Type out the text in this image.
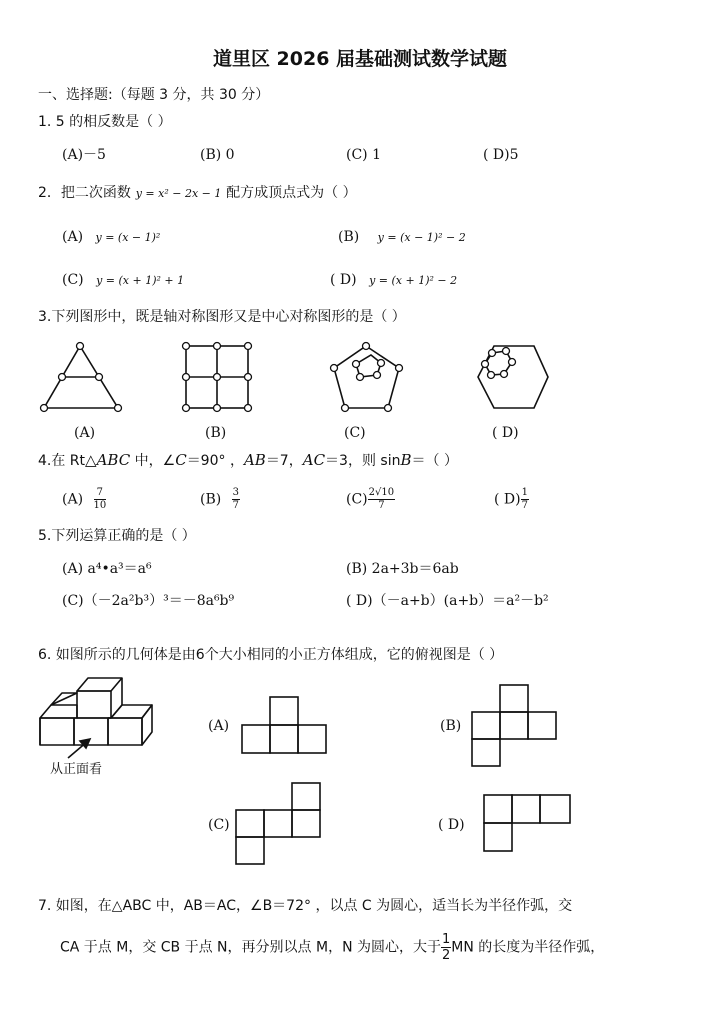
道里区 2026 届基础测试数学试题
一、选择题:（每题 3 分，共 30 分）
1. 5 的相反数是（ ）
(A)－5	(B) 0	(C) 1	( D)5
2．把二次函数 y = x² − 2x − 1 配方成顶点式为（ ）
(A) y = (x − 1)²	(B) y = (x − 1)² − 2
(C) y = (x + 1)² + 1	( D) y = (x + 1)² − 2
3.下列图形中，既是轴对称图形又是中心对称图形的是（ ）
(A)	(B)	(C)	( D)
4.在 Rt△ABC 中，∠C＝90° ，AB＝7，AC＝3，则 sinB＝（ ）
$(A) \frac{7}{10}$	$(B) \frac{3}{7}$	$(C) \frac{2√10}{7}$	( $D) \frac{1}{7}$
5.下列运算正确的是（ ）
(A) a⁴•a³＝a⁶	(B) 2a+3b＝6ab
(C)（－2a²b³）³＝－8a⁶b⁹	( D)（－a+b）(a+b）＝a²－b²
6. 如图所示的几何体是由6个大小相同的小正方体组成，它的俯视图是（ ）
从正面看
(A)	(B)
(C)	( D)
7. 如图，在△ABC 中，AB＝AC，∠B＝72° ，以点 C 为圆心，适当长为半径作弧，交
CA 于点 M，交 CB 于点 N，再分别以点 M，N 为圆心，大于 $\frac{1}{2}$ MN 的长度为半径作弧，
